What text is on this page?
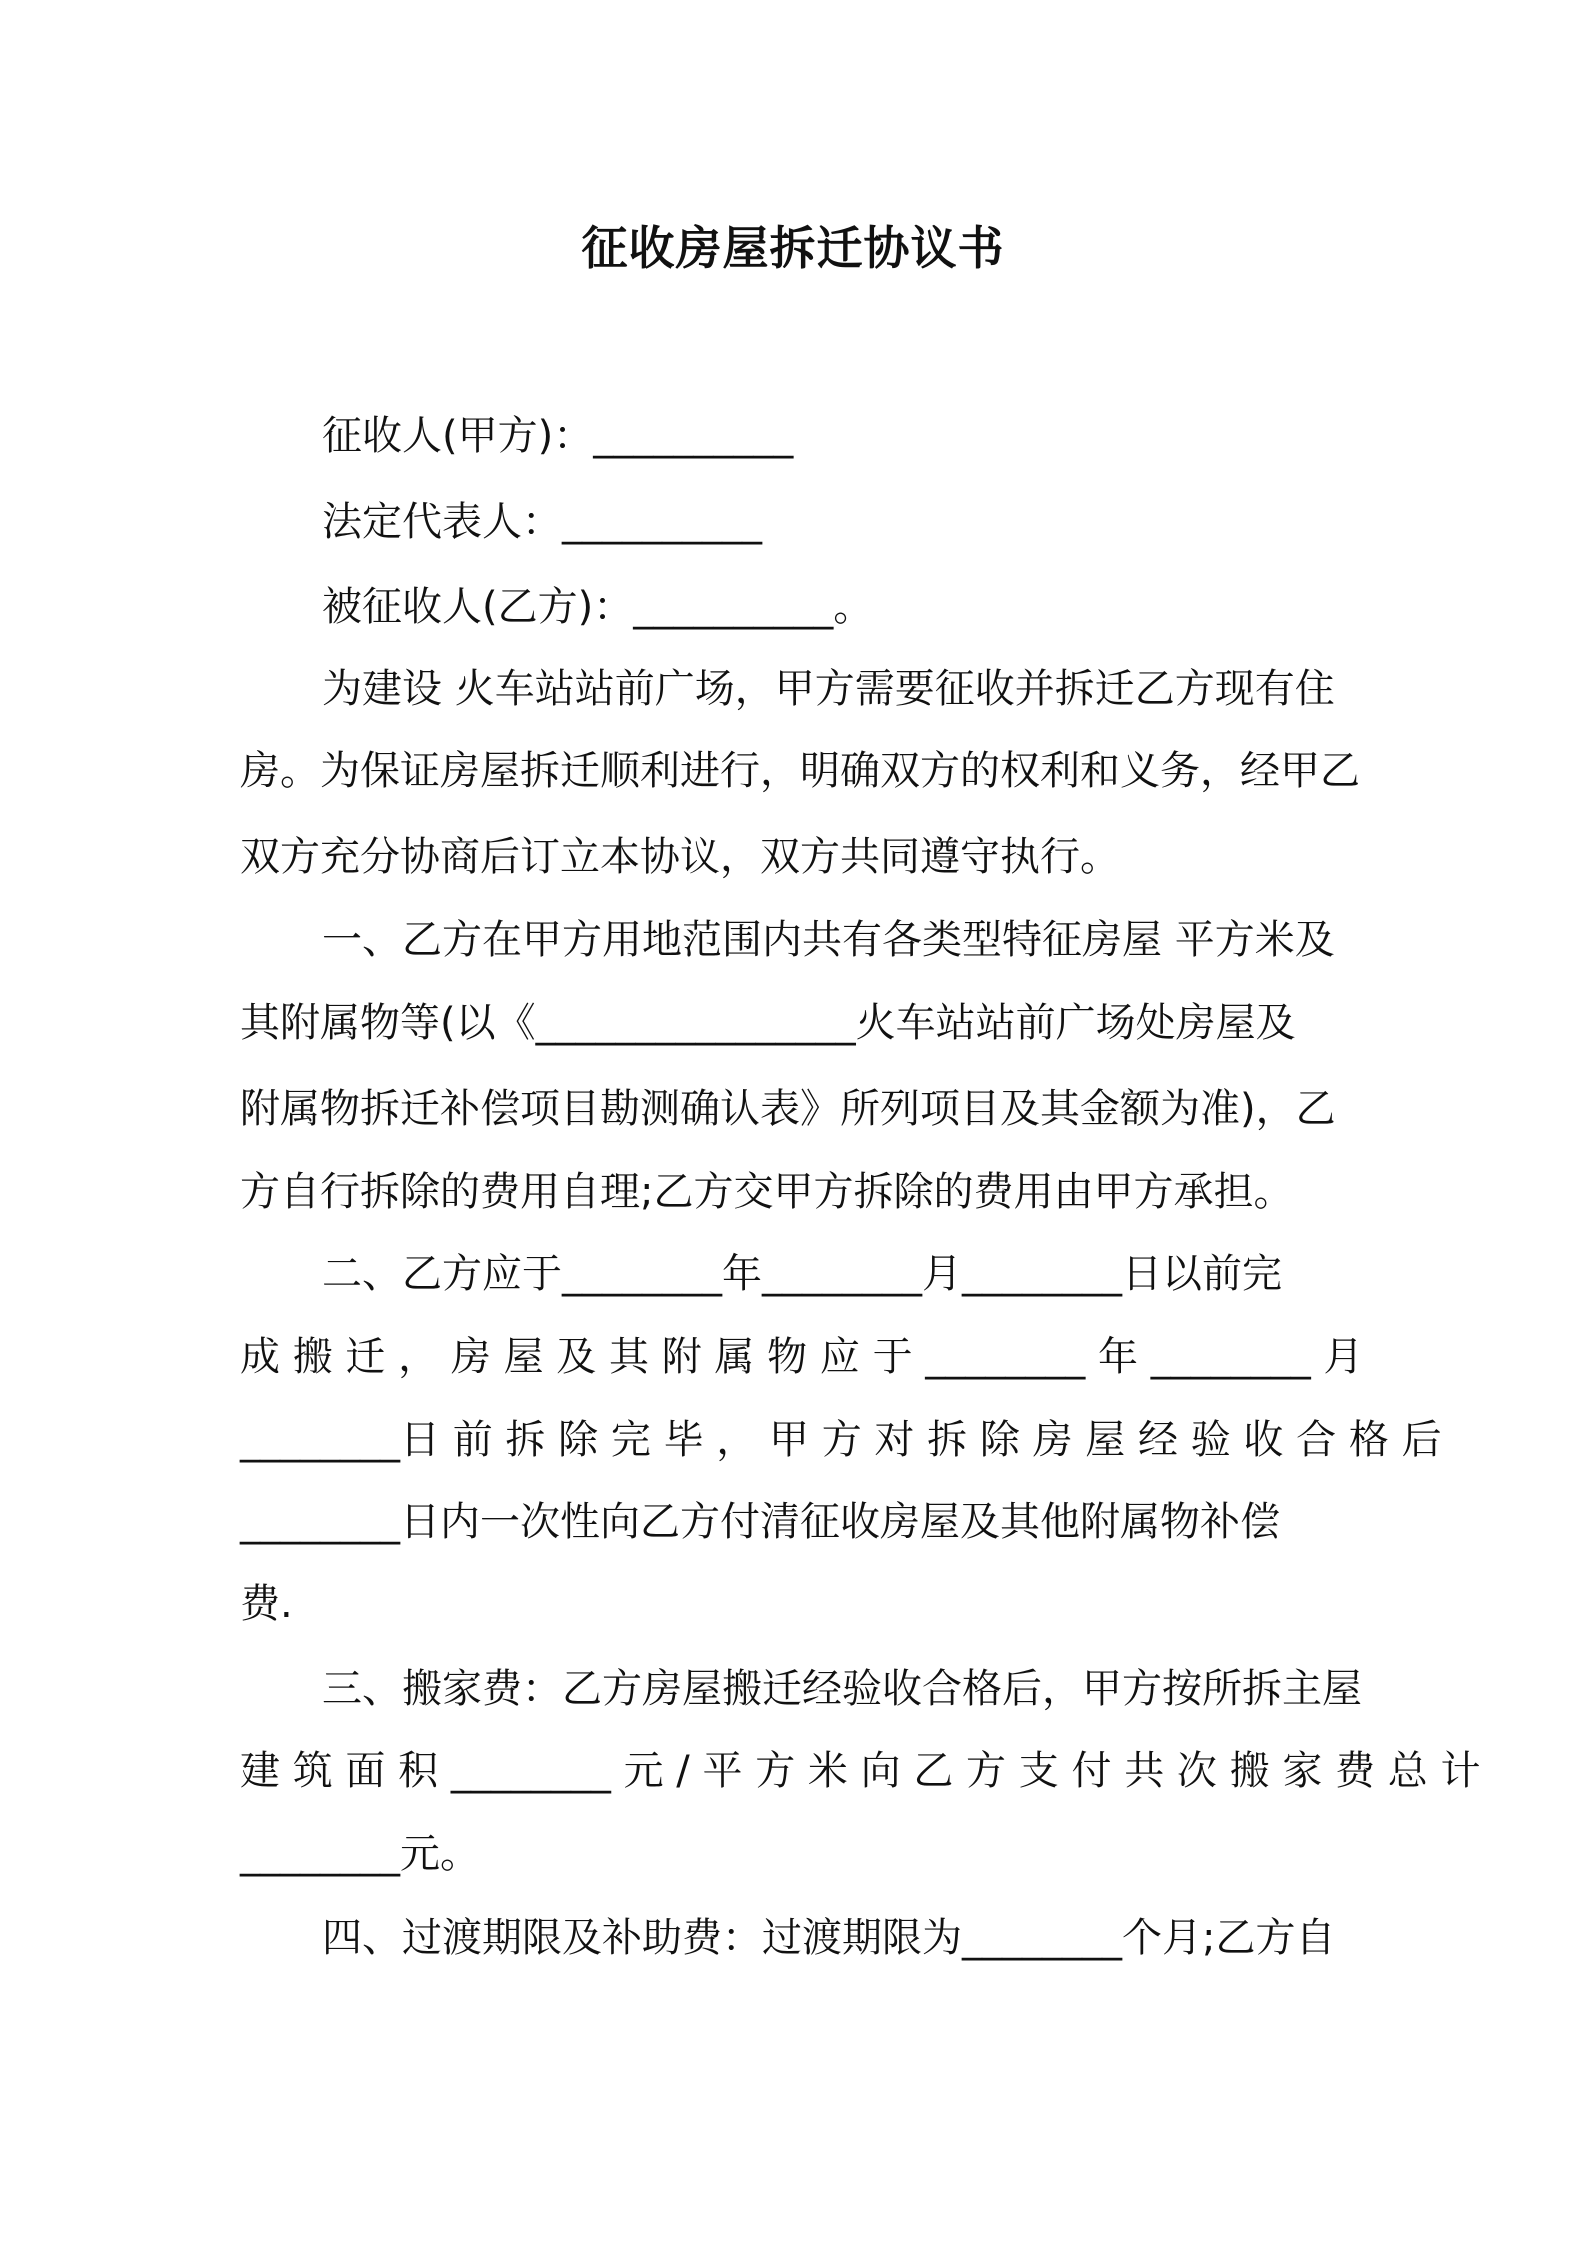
征收房屋拆迁协议书
征收人(甲方)：__________
法定代表人：__________
被征收人(乙方)：__________。
为建设 火车站站前广场，甲方需要征收并拆迁乙方现有住
房。为保证房屋拆迁顺利进行，明确双方的权利和义务，经甲乙
双方充分协商后订立本协议，双方共同遵守执行。
一、乙方在甲方用地范围内共有各类型特征房屋 平方米及
其附属物等(以《________________火车站站前广场处房屋及
附属物拆迁补偿项目勘测确认表》所列项目及其金额为准)，乙
方自行拆除的费用自理;乙方交甲方拆除的费用由甲方承担。
二、乙方应于________年________月________日以前完
成 搬 迁 ， 房 屋 及 其 附 属 物 应 于 ________ 年 ________ 月
________日 前 拆 除 完 毕 ， 甲 方 对 拆 除 房 屋 经 验 收 合 格 后
________日内一次性向乙方付清征收房屋及其他附属物补偿
费.
三、搬家费：乙方房屋搬迁经验收合格后，甲方按所拆主屋
建 筑 面 积 ________ 元 / 平 方 米 向 乙 方 支 付 共 次 搬 家 费 总 计
________元。
四、过渡期限及补助费：过渡期限为________个月;乙方自
